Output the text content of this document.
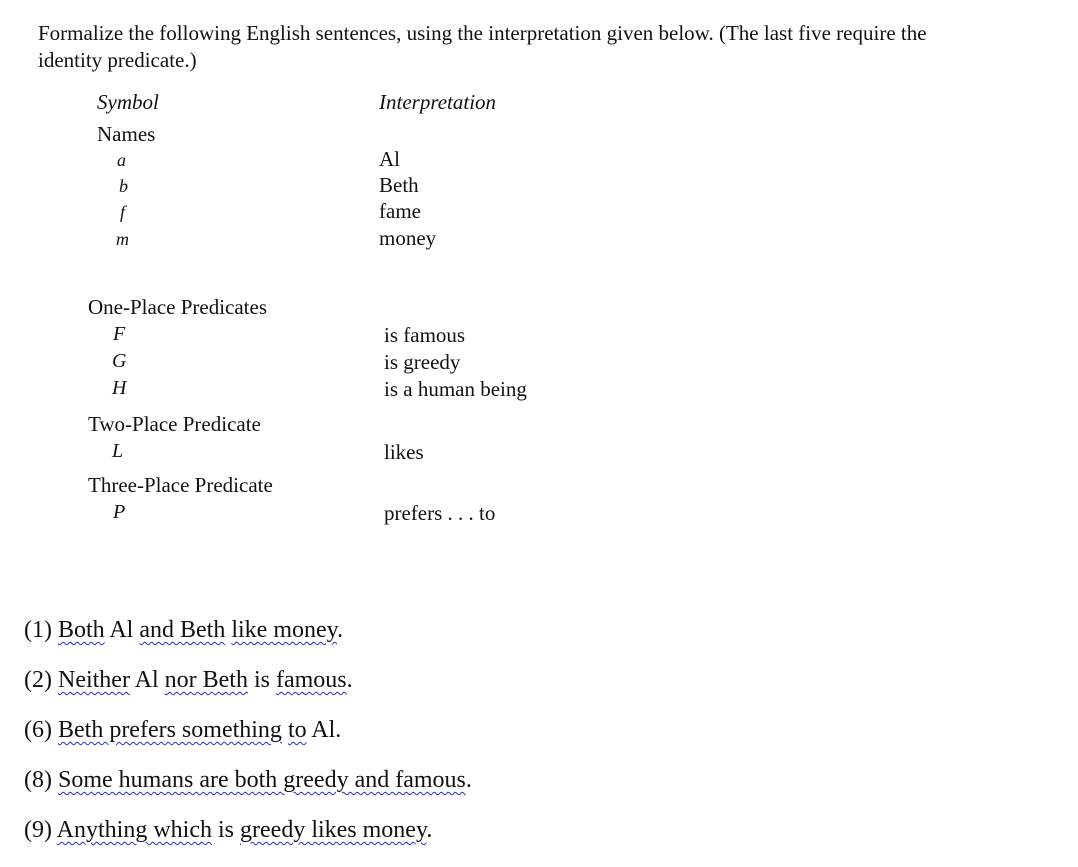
Formalize the following English sentences, using the interpretation given below. (The last five require the
identity predicate.)
Symbol	Interpretation
Names
a	Al
b	Beth
f	fame
m	money
One-Place Predicates
F	is famous
G	is greedy
H	is a human being
Two-Place Predicate
L	likes
Three-Place Predicate
P	prefers . . . to
(1) Both Al and Beth like money.
(2) Neither Al nor Beth is famous.
(6) Beth prefers something to Al.
(8) Some humans are both greedy and famous.
(9) Anything which is greedy likes money.
